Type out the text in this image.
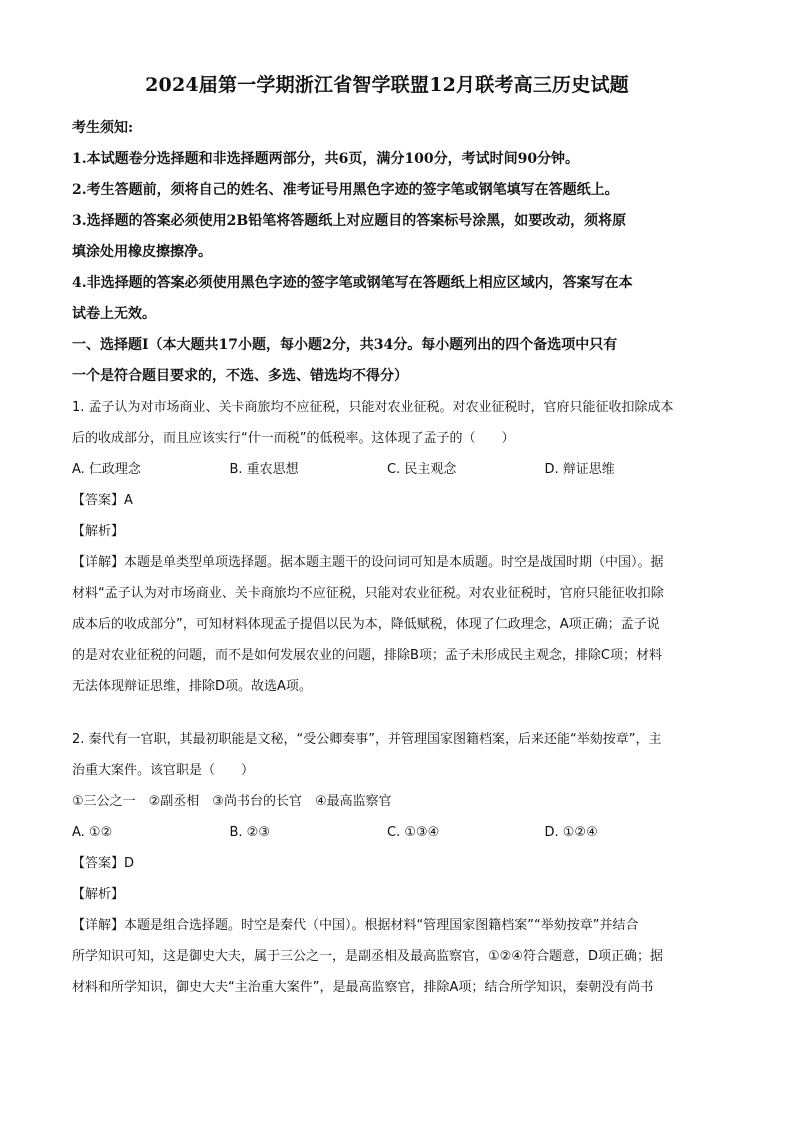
2024届第一学期浙江省智学联盟12月联考高三历史试题
考生须知:
1.本试题卷分选择题和非选择题两部分，共6页，满分100分，考试时间90分钟。
2.考生答题前，须将自己的姓名、准考证号用黑色字迹的签字笔或钢笔填写在答题纸上。
3.选择题的答案必须使用2B铅笔将答题纸上对应题目的答案标号涂黑，如要改动，须将原
填涂处用橡皮擦擦净。
4.非选择题的答案必须使用黑色字迹的签字笔或钢笔写在答题纸上相应区域内，答案写在本
试卷上无效。
一、选择题Ⅰ（本大题共17小题，每小题2分，共34分。每小题列出的四个备选项中只有
一个是符合题目要求的，不选、多选、错选均不得分）
1. 孟子认为对市场商业、关卡商旅均不应征税，只能对农业征税。对农业征税时，官府只能征收扣除成本
后的收成部分，而且应该实行“什一而税”的低税率。这体现了孟子的（　　）
A. 仁政理念	B. 重农思想	C. 民主观念	D. 辩证思维
【答案】A
【解析】
【详解】本题是单类型单项选择题。据本题主题干的设问词可知是本质题。时空是战国时期（中国）。据
材料“孟子认为对市场商业、关卡商旅均不应征税，只能对农业征税。对农业征税时，官府只能征收扣除
成本后的收成部分”，可知材料体现孟子提倡以民为本，降低赋税，体现了仁政理念，A项正确；孟子说
的是对农业征税的问题，而不是如何发展农业的问题，排除B项；孟子未形成民主观念，排除C项；材料
无法体现辩证思维，排除D项。故选A项。
2. 秦代有一官职，其最初职能是文秘，“受公卿奏事”，并管理国家图籍档案，后来还能“举劾按章”，主
治重大案件。该官职是（　　）
①三公之一　②副丞相　③尚书台的长官　④最高监察官
A. ①②	B. ②③	C. ①③④	D. ①②④
【答案】D
【解析】
【详解】本题是组合选择题。时空是秦代（中国）。根据材料“管理国家图籍档案”“举劾按章”并结合
所学知识可知，这是御史大夫，属于三公之一，是副丞相及最高监察官，①②④符合题意，D项正确；据
材料和所学知识，御史大夫“主治重大案件”，是最高监察官，排除A项；结合所学知识，秦朝没有尚书
